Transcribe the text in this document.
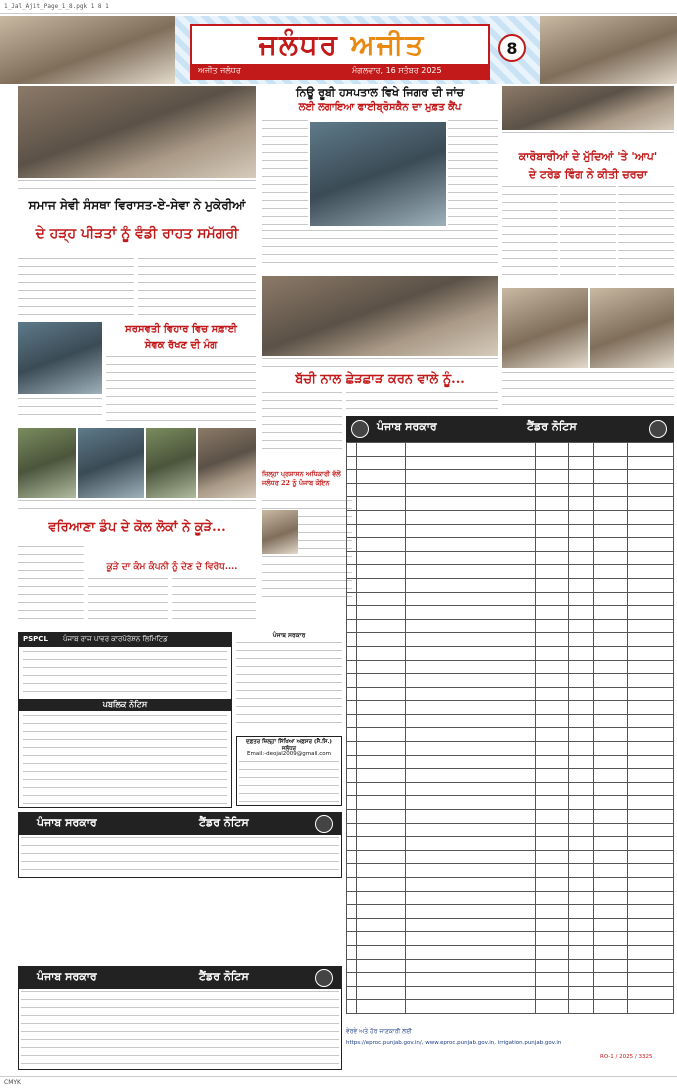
1_Jal_Ajit_Page_1_8.pgk 1 8 1
ਜਲੰਧਰ ਅਜੀਤ
ਅਜੀਤ ਜਲੰਧਰ	ਮੰਗਲਵਾਰ, 16 ਸਤੰਬਰ 2025
8
ਸਮਾਜ ਸੇਵੀ ਸੰਸਥਾ ਵਿਰਾਸਤ-ਏ-ਸੇਵਾ ਨੇ ਮੁਕੇਰੀਆਂ
ਦੇ ਹੜ੍ਹ ਪੀੜਤਾਂ ਨੂੰ ਵੰਡੀ ਰਾਹਤ ਸਮੱਗਰੀ
ਸਰਸਵਤੀ ਵਿਹਾਰ ਵਿਚ ਸਫ਼ਾਈ
ਸੇਵਕ ਰੱਖਣ ਦੀ ਮੰਗ
ਵਰਿਆਣਾ ਡੰਪ ਦੇ ਕੋਲ ਲੋਕਾਂ ਨੇ ਕੂੜੇ...
ਕੂੜੇ ਦਾ ਕੰਮ ਕੰਪਨੀ ਨੂੰ ਦੇਣ ਦੇ ਵਿਰੋਧ....
ਨਿਊ ਰੂਬੀ ਹਸਪਤਾਲ ਵਿਖੇ ਜਿਗਰ ਦੀ ਜਾਂਚ
ਲਈ ਲਗਾਇਆ ਫਾਈਬ੍ਰੋਸਕੈਨ ਦਾ ਮੁਫ਼ਤ ਕੈਂਪ
ਬੱਚੀ ਨਾਲ ਛੇੜਛਾੜ ਕਰਨ ਵਾਲੇ ਨੂੰ...
ਜ਼ਿਲ੍ਹਾ ਪ੍ਰਸ਼ਾਸਨ ਅਧਿਕਾਰੀ ਵੱਲੋਂ ਜਲੰਧਰ 22 ਨੂੰ ਪੰਜਾਬ ਕੋਇਨ
ਕਾਰੋਬਾਰੀਆਂ ਦੇ ਮੁੱਦਿਆਂ 'ਤੇ 'ਆਪ'
ਦੇ ਟਰੇਡ ਵਿੰਗ ਨੇ ਕੀਤੀ ਚਰਚਾ
ਪੰਜਾਬ ਸਰਕਾਰ	ਟੈਂਡਰ ਨੋਟਿਸ

ਵੇਰਵੇ ਅਤੇ ਹੋਰ ਜਾਣਕਾਰੀ ਲਈ
https://eproc.punjab.gov.in/, www.eproc.punjab.gov.in, irrigation.punjab.gov.in
RO-1 / 2025 / 3325
PSPCL ਪੰਜਾਬ ਰਾਜ ਪਾਵਰ ਕਾਰਪੋਰੇਸ਼ਨ ਲਿਮਿਟਿਡ
ਪਬਲਿਕ ਨੋਟਿਸ
ਪੰਜਾਬ ਸਰਕਾਰ
ਦਫ਼ਤਰ ਜ਼ਿਲ੍ਹਾ ਸਿੱਖਿਆ ਅਫ਼ਸਰ (ਸੈ.ਸਿ.) ਜਲੰਧਰ
Email:-deojal2009@gmail.com
ਪੰਜਾਬ ਸਰਕਾਰ	ਟੈਂਡਰ ਨੋਟਿਸ
ਪੰਜਾਬ ਸਰਕਾਰ	ਟੈਂਡਰ ਨੋਟਿਸ
CMYK
